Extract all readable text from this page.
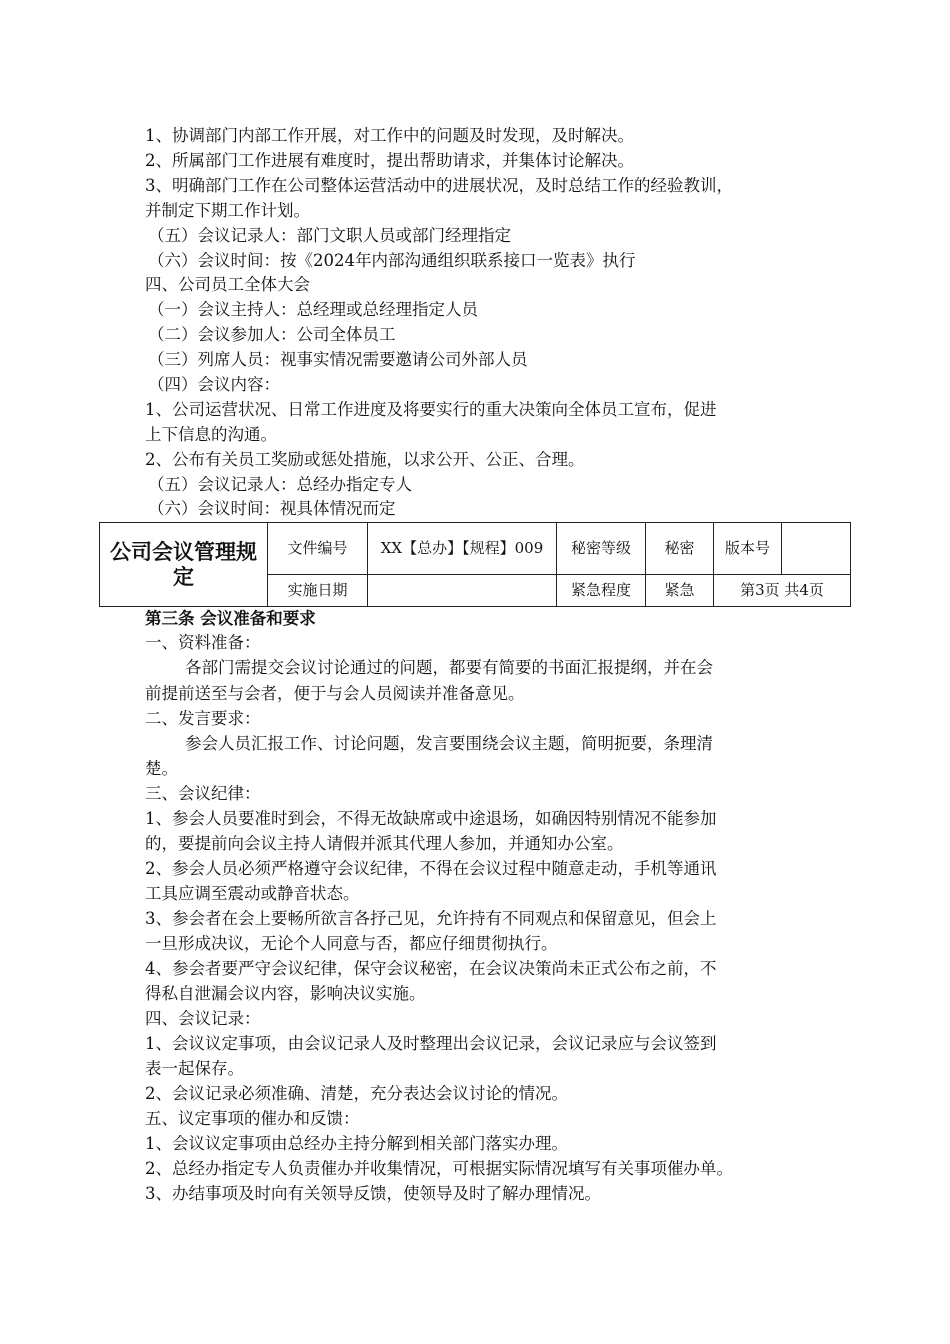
1、协调部门内部工作开展，对工作中的问题及时发现，及时解决。
2、所属部门工作进展有难度时，提出帮助请求，并集体讨论解决。
3、明确部门工作在公司整体运营活动中的进展状况，及时总结工作的经验教训，
并制定下期工作计划。
（五）会议记录人：部门文职人员或部门经理指定
（六）会议时间：按《2024年内部沟通组织联系接口一览表》执行
四、公司员工全体大会
（一）会议主持人：总经理或总经理指定人员
（二）会议参加人：公司全体员工
（三）列席人员：视事实情况需要邀请公司外部人员
（四）会议内容：
1、公司运营状况、日常工作进度及将要实行的重大决策向全体员工宣布，促进
上下信息的沟通。
2、公布有关员工奖励或惩处措施，以求公开、公正、合理。
（五）会议记录人：总经办指定专人
（六）会议时间：视具体情况而定
公司会议管理规定	文件编号	XX【总办】【规程】009	秘密等级	秘密	版本号	
	实施日期		紧急程度	紧急	第3页 共4页	
第三条 会议准备和要求
一、资料准备：
各部门需提交会议讨论通过的问题，都要有简要的书面汇报提纲，并在会
前提前送至与会者，便于与会人员阅读并准备意见。
二、发言要求：
参会人员汇报工作、讨论问题，发言要围绕会议主题，简明扼要，条理清
楚。
三、会议纪律：
1、参会人员要准时到会，不得无故缺席或中途退场，如确因特别情况不能参加
的，要提前向会议主持人请假并派其代理人参加，并通知办公室。
2、参会人员必须严格遵守会议纪律，不得在会议过程中随意走动，手机等通讯
工具应调至震动或静音状态。
3、参会者在会上要畅所欲言各抒己见，允许持有不同观点和保留意见，但会上
一旦形成决议，无论个人同意与否，都应仔细贯彻执行。
4、参会者要严守会议纪律，保守会议秘密，在会议决策尚未正式公布之前，不
得私自泄漏会议内容，影响决议实施。
四、会议记录：
1、会议议定事项，由会议记录人及时整理出会议记录，会议记录应与会议签到
表一起保存。
2、会议记录必须准确、清楚，充分表达会议讨论的情况。
五、议定事项的催办和反馈：
1、会议议定事项由总经办主持分解到相关部门落实办理。
2、总经办指定专人负责催办并收集情况，可根据实际情况填写有关事项催办单。
3、办结事项及时向有关领导反馈，使领导及时了解办理情况。
